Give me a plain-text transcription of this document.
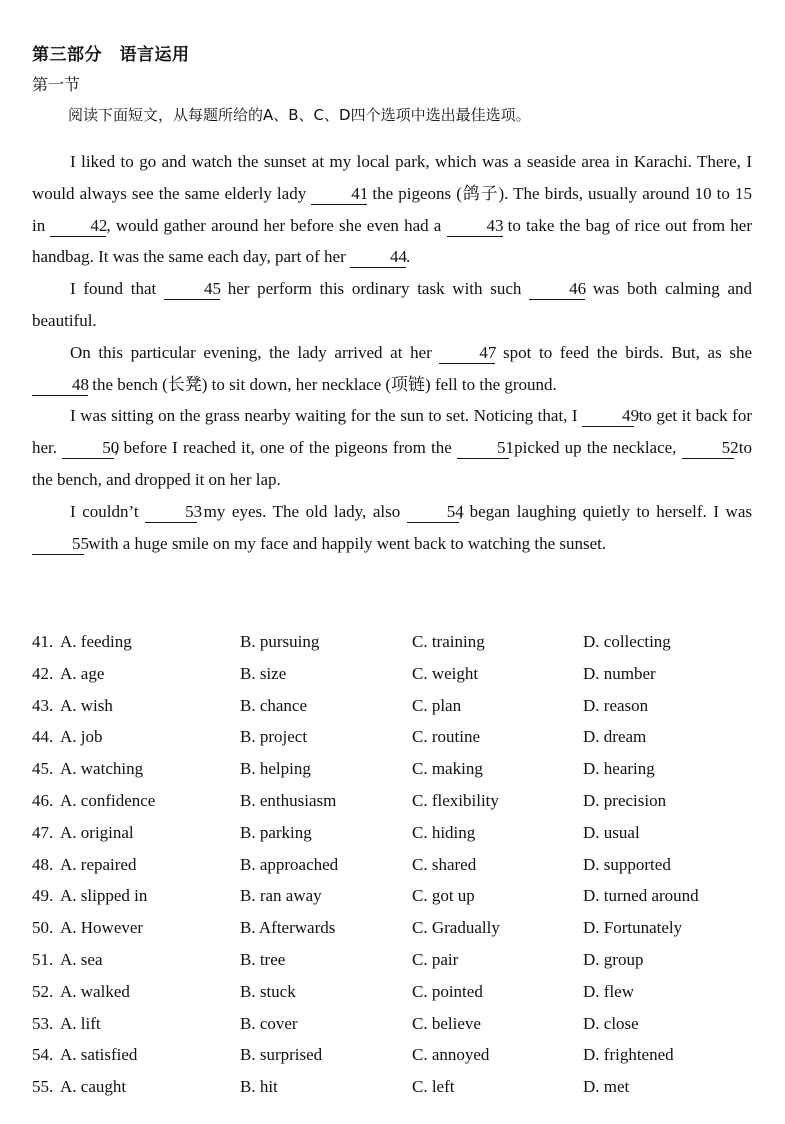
第三部分　语言运用
第一节
阅读下面短文，从每题所给的A、B、C、D四个选项中选出最佳选项。

I liked to go and watch the sunset at my local park, which was a seaside area in Karachi. There, I would always see the same elderly lady 41 the pigeons (鸽子). The birds, usually around 10 to 15 in 42, would gather around her before she even had a 43 to take the bag of rice out from her handbag. It was the same each day, part of her 44.

I found that 45 her perform this ordinary task with such 46 was both calming and beautiful.

On this particular evening, the lady arrived at her 47 spot to feed the birds. But, as she 48 the bench (长凳) to sit down, her necklace (项链) fell to the ground.

I was sitting on the grass nearby waiting for the sun to set. Noticing that, I 49 to get it back for her. 50, before I reached it, one of the pigeons from the 51 picked up the necklace, 52 to the bench, and dropped it on her lap.

I couldn’t 53 my eyes. The old lady, also 54, began laughing quietly to herself. I was 55 with a huge smile on my face and happily went back to watching the sunset.

41. A. feeding	B. pursuing	C. training	D. collecting
42. A. age	B. size	C. weight	D. number
43. A. wish	B. chance	C. plan	D. reason
44. A. job	B. project	C. routine	D. dream
45. A. watching	B. helping	C. making	D. hearing
46. A. confidence	B. enthusiasm	C. flexibility	D. precision
47. A. original	B. parking	C. hiding	D. usual
48. A. repaired	B. approached	C. shared	D. supported
49. A. slipped in	B. ran away	C. got up	D. turned around
50. A. However	B. Afterwards	C. Gradually	D. Fortunately
51. A. sea	B. tree	C. pair	D. group
52. A. walked	B. stuck	C. pointed	D. flew
53. A. lift	B. cover	C. believe	D. close
54. A. satisfied	B. surprised	C. annoyed	D. frightened
55. A. caught	B. hit	C. left	D. met
